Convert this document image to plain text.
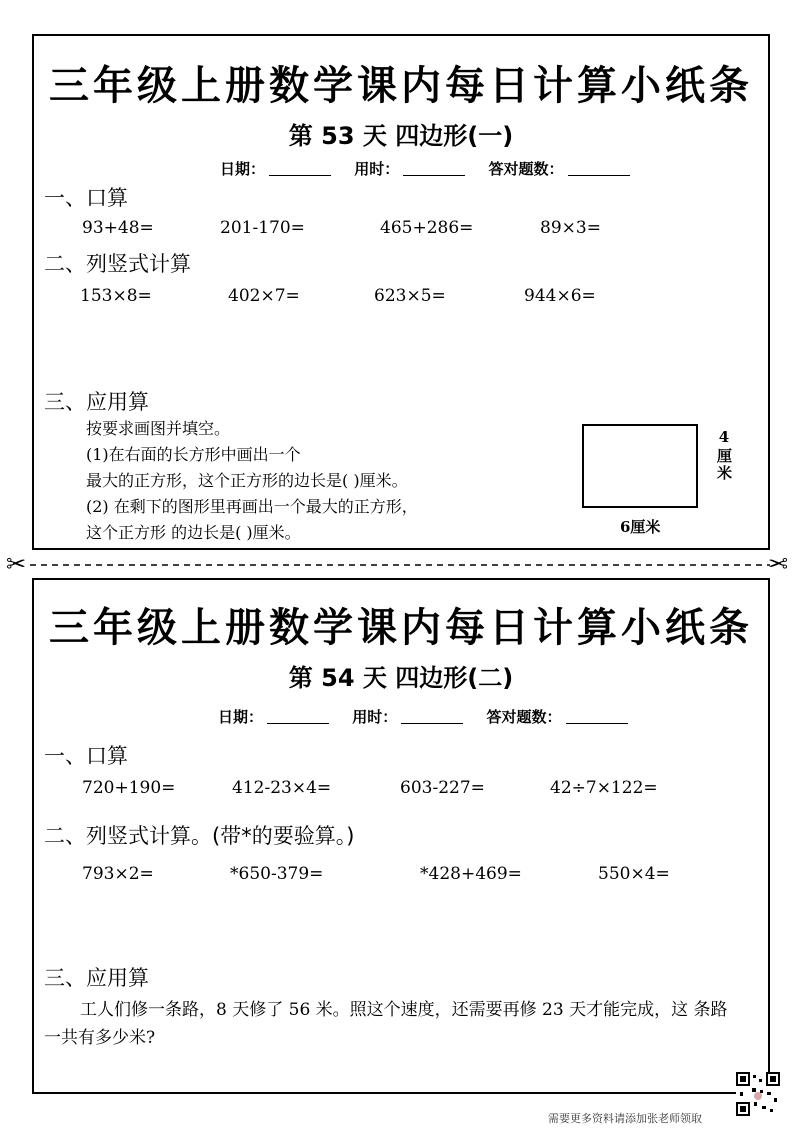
三年级上册数学课内每日计算小纸条
第 53 天 四边形(一)
日期：	用时：	答对题数：
一、口算
93+48=	201-170=	465+286=	89×3=
二、列竖式计算
153×8=	402×7=	623×5=	944×6=
三、应用算
按要求画图并填空。
(1)在右面的长方形中画出一个
最大的正方形，这个正方形的边长是( )厘米。
(2) 在剩下的图形里再画出一个最大的正方形，
这个正方形 的边长是( )厘米。
4厘米
6厘米
✂	✂
三年级上册数学课内每日计算小纸条
第 54 天 四边形(二)
日期：	用时：	答对题数：
一、口算
720+190=	412-23×4=	603-227=	42÷7×122=
二、列竖式计算。(带*的要验算。)
793×2=	*650-379=	*428+469=	550×4=
三、应用算
工人们修一条路，8 天修了 56 米。照这个速度，还需要再修 23 天才能完成，这 条路一共有多少米?
需要更多资料请添加张老师领取
